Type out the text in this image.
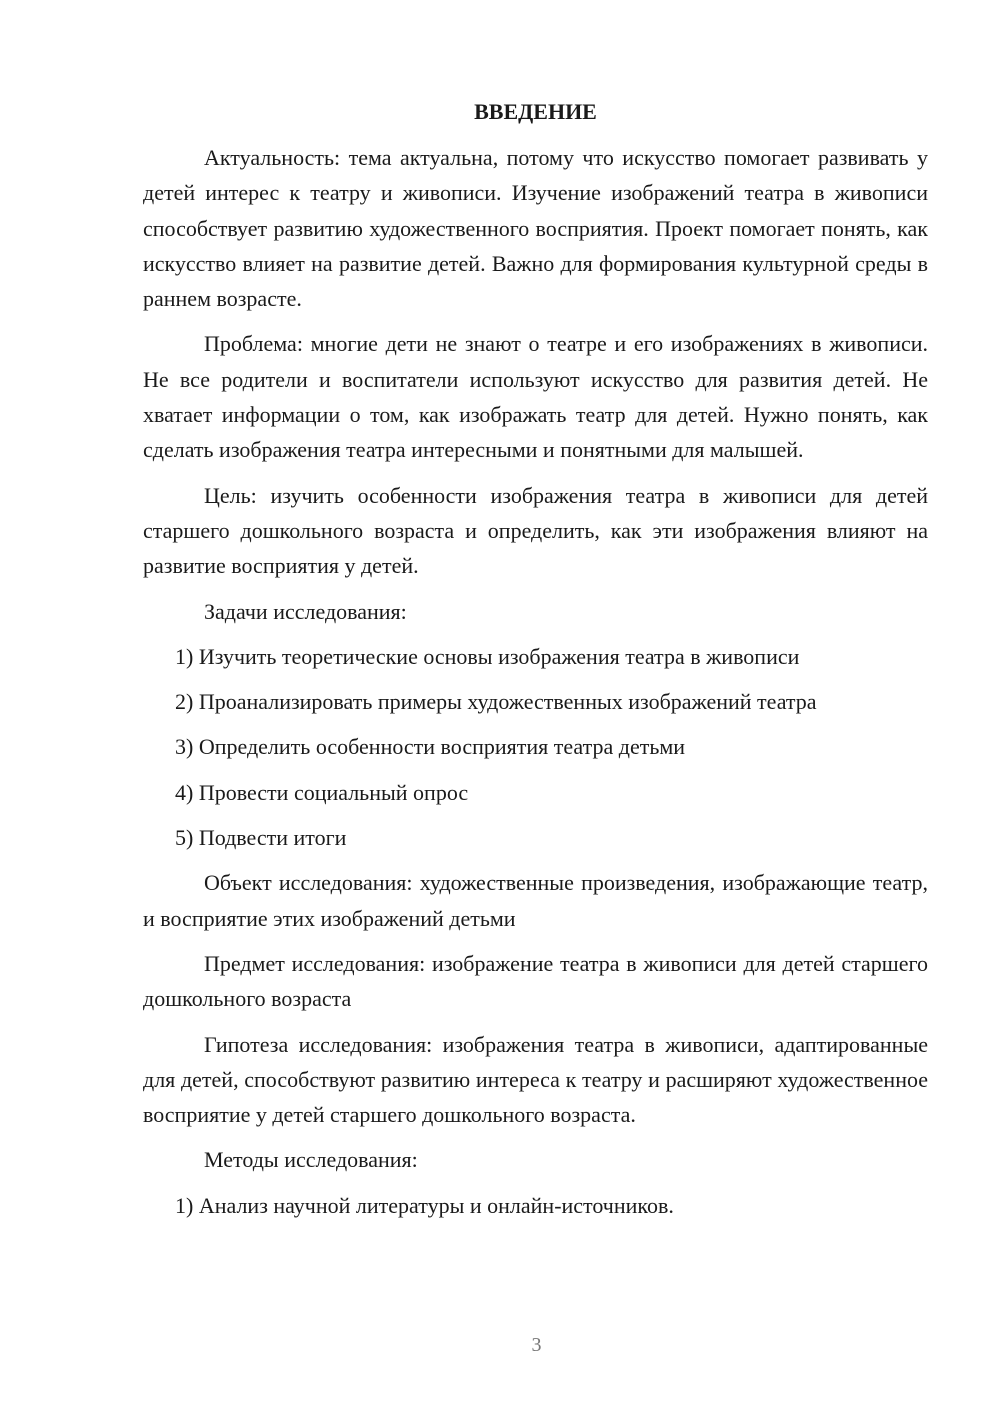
ВВЕДЕНИЕ

Актуальность: тема актуальна, потому что искусство помогает развивать у детей интерес к театру и живописи. Изучение изображений театра в живописи способствует развитию художественного восприятия. Проект помогает понять, как искусство влияет на развитие детей. Важно для формирования культурной среды в раннем возрасте.

Проблема: многие дети не знают о театре и его изображениях в живописи. Не все родители и воспитатели используют искусство для развития детей. Не хватает информации о том, как изображать театр для детей. Нужно понять, как сделать изображения театра интересными и понятными для малышей.

Цель: изучить особенности изображения театра в живописи для детей старшего дошкольного возраста и определить, как эти изображения влияют на развитие восприятия у детей.

Задачи исследования:

1) Изучить теоретические основы изображения театра в живописи
2) Проанализировать примеры художественных изображений театра
3) Определить особенности восприятия театра детьми
4) Провести социальный опрос
5) Подвести итоги

Объект исследования: художественные произведения, изображающие театр, и восприятие этих изображений детьми

Предмет исследования: изображение театра в живописи для детей старшего дошкольного возраста

Гипотеза исследования: изображения театра в живописи, адаптированные для детей, способствуют развитию интереса к театру и расширяют художественное восприятие у детей старшего дошкольного возраста.

Методы исследования:

1) Анализ научной литературы и онлайн-источников.
3
